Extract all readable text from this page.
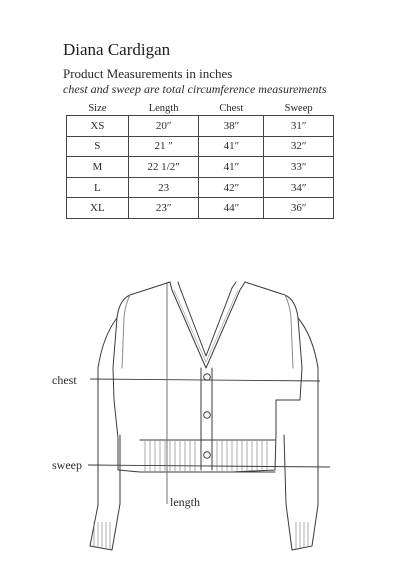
Diana Cardigan
Product Measurements in inches
chest and sweep are total circumference measurements
Size	Length	Chest	Sweep
XS	20″	38″	31″
S	21 ″	41″	32″
M	22 1/2″	41″	33″
L	23	42″	34″
XL	23″	44″	36″
chest
sweep
length
